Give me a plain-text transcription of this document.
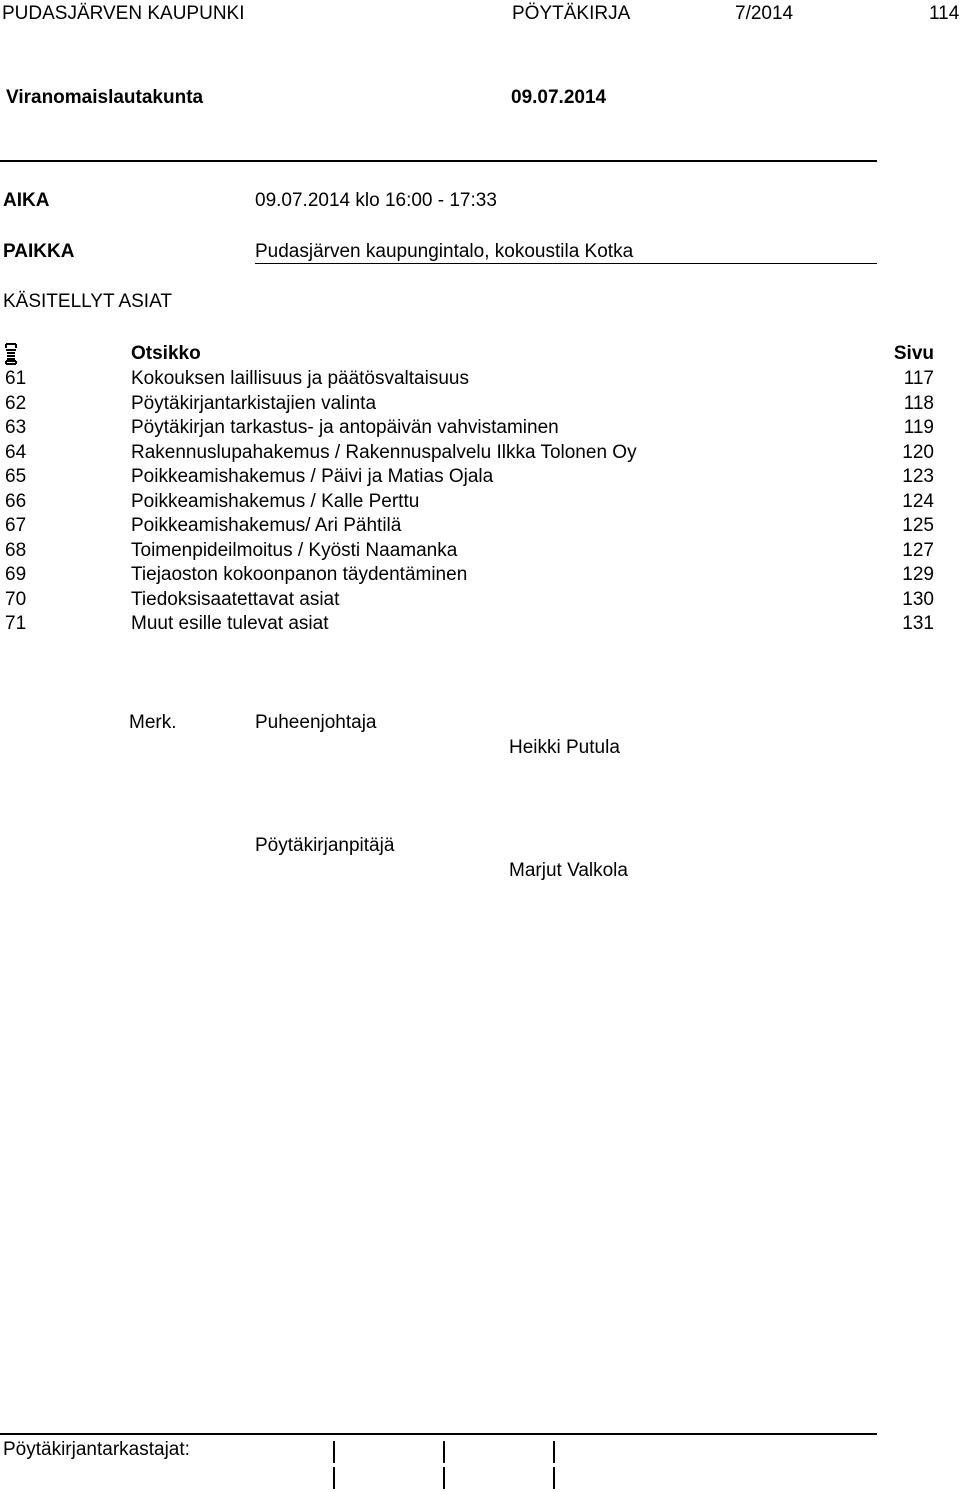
PUDASJÄRVEN KAUPUNKI	PÖYTÄKIRJA	7/2014	114
Viranomaislautakunta	09.07.2014
AIKA	09.07.2014 klo 16:00 - 17:33
PAIKKA	Pudasjärven kaupungintalo, kokoustila Kotka
KÄSITELLYT ASIAT
Otsikko	Sivu
61	Kokouksen laillisuus ja päätösvaltaisuus	117
62	Pöytäkirjantarkistajien valinta	118
63	Pöytäkirjan tarkastus- ja antopäivän vahvistaminen	119
64	Rakennuslupahakemus / Rakennuspalvelu Ilkka Tolonen Oy	120
65	Poikkeamishakemus / Päivi ja Matias Ojala	123
66	Poikkeamishakemus / Kalle Perttu	124
67	Poikkeamishakemus/ Ari Pähtilä	125
68	Toimenpideilmoitus / Kyösti Naamanka	127
69	Tiejaoston kokoonpanon täydentäminen	129
70	Tiedoksisaatettavat asiat	130
71	Muut esille tulevat asiat	131
Merk.	Puheenjohtaja
Heikki Putula
Pöytäkirjanpitäjä
Marjut Valkola
Pöytäkirjantarkastajat:
